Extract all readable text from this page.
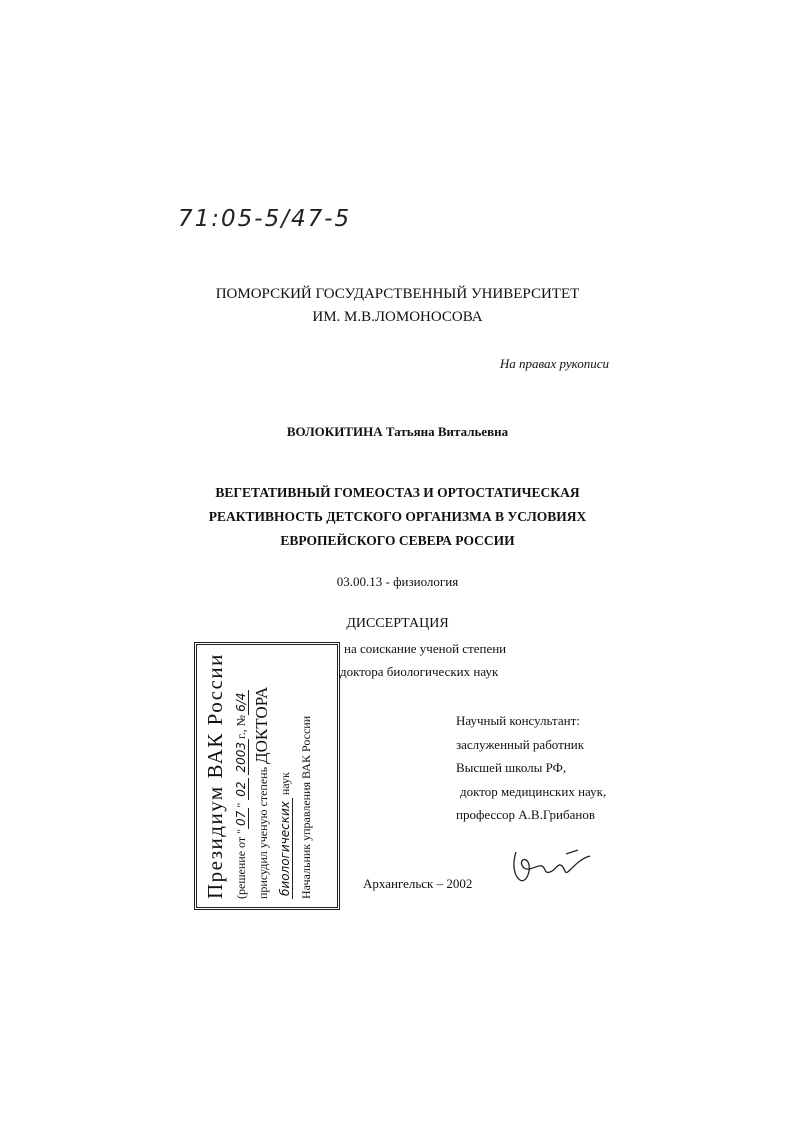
71:05-5/47-5
ПОМОРСКИЙ ГОСУДАРСТВЕННЫЙ УНИВЕРСИТЕТ
ИМ. М.В.ЛОМОНОСОВА
На правах рукописи
ВОЛОКИТИНА Татьяна Витальевна
ВЕГЕТАТИВНЫЙ ГОМЕОСТАЗ И ОРТОСТАТИЧЕСКАЯ
РЕАКТИВНОСТЬ ДЕТСКОГО ОРГАНИЗМА В УСЛОВИЯХ
ЕВРОПЕЙСКОГО СЕВЕРА РОССИИ
03.00.13 - физиология
ДИССЕРТАЦИЯ
на соискание ученой степени
доктора биологических наук
Научный консультант:
заслуженный работник
Высшей школы РФ,
доктор медицинских наук,
профессор А.В.Грибанов
Архангельск – 2002
Президиум ВАК России (решение от "07" 02 2003г., №6/4
присудил ученую степень ДОКТОРА
биологических наук Начальник управления ВАК России
